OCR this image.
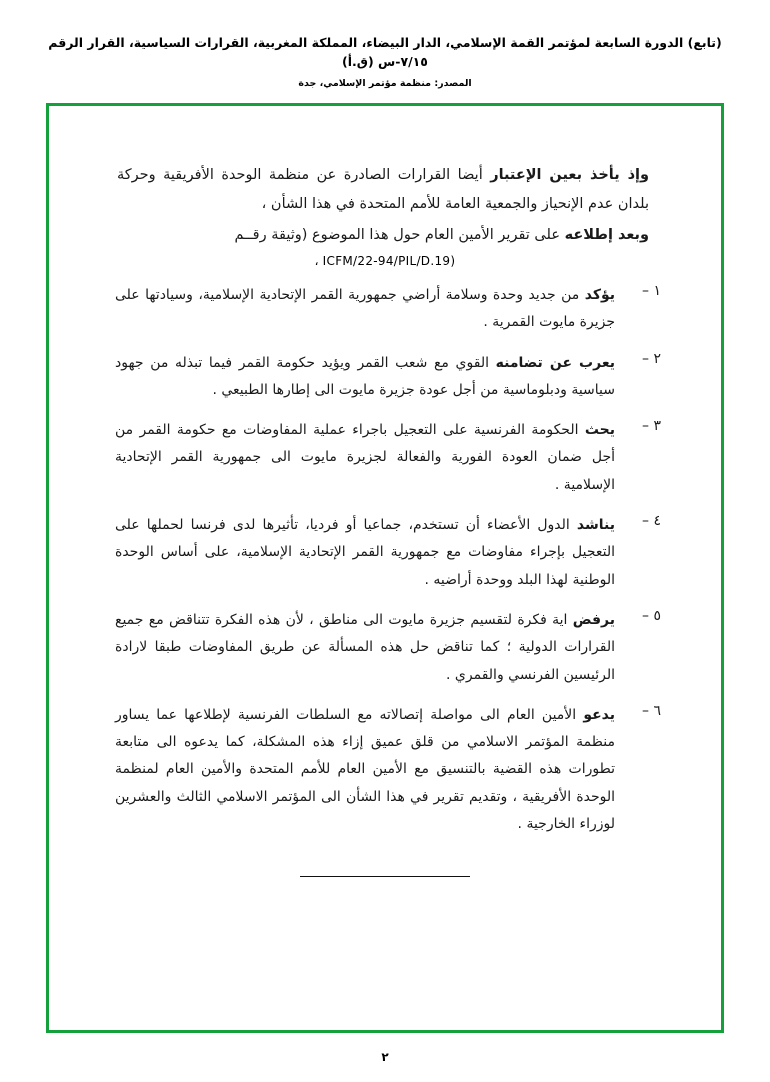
(تابع) الدورة السابعة لمؤتمر القمة الإسلامي، الدار البيضاء، المملكة المغربية، القرارات السياسية، القرار الرقم ٧/١٥-س (ق.أ)
المصدر: منظمة مؤتمر الإسلامي، جدة

وإذ يأخذ بعين الإعتبار أيضا القرارات الصادرة عن منظمة الوحدة الأفريقية وحركة بلدان عدم الإنحياز والجمعية العامة للأمم المتحدة في هذا الشأن ،

وبعد إطلاعه على تقرير الأمين العام حول هذا الموضوع (وثيقة رقــم

(ICFM/22-94/PIL/D.19 ،
١ –
يؤكد من جديد وحدة وسلامة أراضي جمهورية القمر الإتحادية الإسلامية، وسيادتها على جزيرة مايوت القمرية .
٢ –
يعرب عن تضامنه القوي مع شعب القمر ويؤيد حكومة القمر فيما تبذله من جهود سياسية ودبلوماسية من أجل عودة جزيرة مايوت الى إطارها الطبيعي .
٣ –
يحث الحكومة الفرنسية على التعجيل باجراء عملية المفاوضات مع حكومة القمر من أجل ضمان العودة الفورية والفعالة لجزيرة مايوت الى جمهورية القمر الإتحادية الإسلامية .
٤ –
يناشد الدول الأعضاء أن تستخدم، جماعيا أو فرديا، تأثيرها لدى فرنسا لحملها على التعجيل بإجراء مفاوضات مع جمهورية القمر الإتحادية الإسلامية، على أساس الوحدة الوطنية لهذا البلد ووحدة أراضيه .
٥ –
يرفض اية فكرة لتقسيم جزيرة مايوت الى مناطق ، لأن هذه الفكرة تتناقض مع جميع القرارات الدولية ؛ كما تناقض حل هذه المسألة عن طريق المفاوضات طبقا لارادة الرئيسين الفرنسي والقمري .
٦ –
يدعو الأمين العام الى مواصلة إتصالاته مع السلطات الفرنسية لإطلاعها عما يساور منظمة المؤتمر الاسلامي من قلق عميق إزاء هذه المشكلة، كما يدعوه الى متابعة تطورات هذه القضية بالتنسيق مع الأمين العام للأمم المتحدة والأمين العام لمنظمة الوحدة الأفريقية ، وتقديم تقرير في هذا الشأن الى المؤتمر الاسلامي الثالث والعشرين لوزراء الخارجية .
٢
